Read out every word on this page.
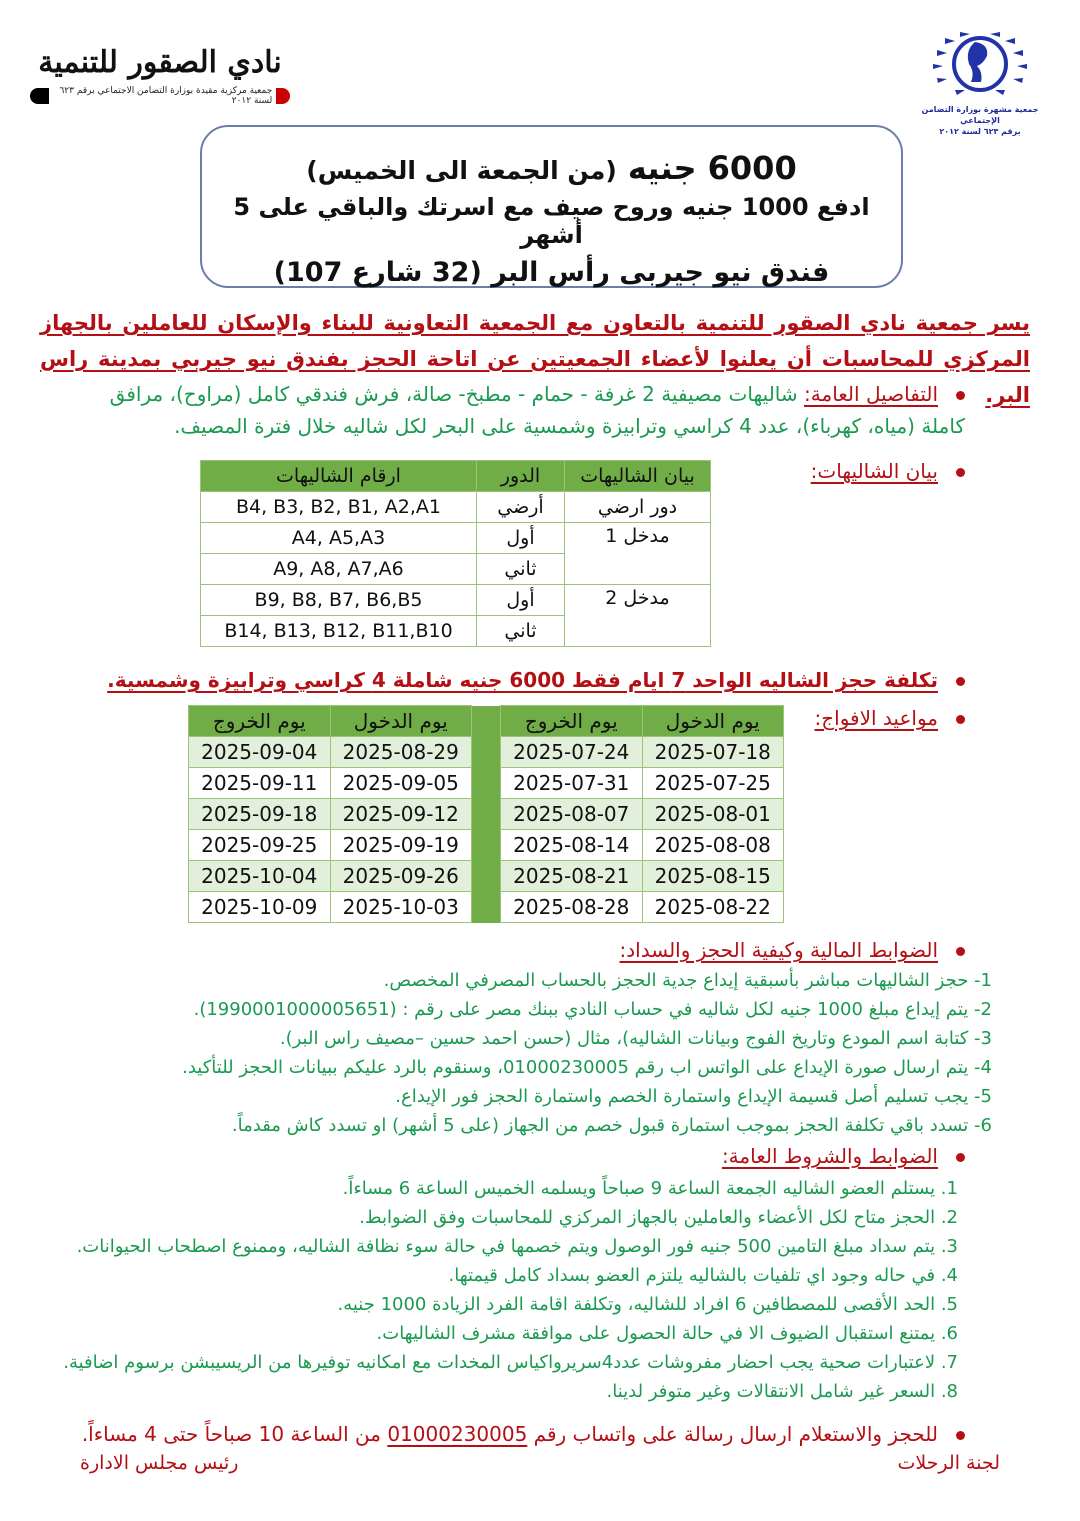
نادي الصقور للتنمية
جمعية مركزية مقيدة بوزارة التضامن الاجتماعي برقم ٦٢٣ لسنة ٢٠١٢
جمعية مشهرة بوزارة التضامن الإجتماعي
برقم ٦٢٣ لسنة ٢٠١٢
6000 جنيه (من الجمعة الى الخميس)
ادفع 1000 جنيه وروح صيف مع اسرتك والباقي على 5 أشهر
فندق نيو جيربى رأس البر (32 شارع 107)
يسر جمعية نادي الصقور للتنمية بالتعاون مع الجمعية التعاونية للبناء والإسكان للعاملين بالجهاز المركزي للمحاسبات أن يعلنوا لأعضاء الجمعيتين عن اتاحة الحجز بفندق نيو جيربي بمدينة راس البر.
التفاصيل العامة: شاليهات مصيفية 2 غرفة - حمام - مطبخ- صالة، فرش فندقي كامل (مراوح)، مرافق كاملة (مياه، كهرباء)، عدد 4 كراسي وترابيزة وشمسية على البحر لكل شاليه خلال فترة المصيف.
بيان الشاليهات:
بيان الشاليهات	الدور	ارقام الشاليهات
دور ارضي	أرضي	B4, B3, B2, B1, A2,A1
مدخل 1	أول	A4, A5,A3
	ثاني	A9, A8, A7,A6
مدخل 2	أول	B9, B8, B7, B6,B5
	ثاني	B14, B13, B12, B11,B10
تكلفة حجز الشاليه الواحد 7 ايام فقط 6000 جنيه شاملة 4 كراسي وترابيزة وشمسية.
مواعيد الافواج:
يوم الدخول	يوم الخروج		يوم الدخول	يوم الخروج
2025-07-18	2025-07-24		2025-08-29	2025-09-04
2025-07-25	2025-07-31		2025-09-05	2025-09-11
2025-08-01	2025-08-07		2025-09-12	2025-09-18
2025-08-08	2025-08-14		2025-09-19	2025-09-25
2025-08-15	2025-08-21		2025-09-26	2025-10-04
2025-08-22	2025-08-28		2025-10-03	2025-10-09
الضوابط المالية وكيفية الحجز والسداد:
1- حجز الشاليهات مباشر بأسبقية إيداع جدية الحجز بالحساب المصرفي المخصص.
2- يتم إيداع مبلغ 1000 جنيه لكل شاليه في حساب النادي ببنك مصر على رقم : (1990001000005651).
3- كتابة اسم المودع وتاريخ الفوج وبيانات الشاليه)، مثال (حسن احمد حسين –مصيف راس البر).
4- يتم ارسال صورة الإيداع على الواتس اب رقم 01000230005، وسنقوم بالرد عليكم ببيانات الحجز للتأكيد.
5- يجب تسليم أصل قسيمة الإيداع واستمارة الخصم واستمارة الحجز فور الإيداع.
6- تسدد باقي تكلفة الحجز بموجب استمارة قبول خصم من الجهاز (على 5 أشهر) او تسدد كاش مقدماً.
الضوابط والشروط العامة:
1. يستلم العضو الشاليه الجمعة الساعة 9 صباحاً ويسلمه الخميس الساعة 6 مساءاً.
2. الحجز متاح لكل الأعضاء والعاملين بالجهاز المركزي للمحاسبات وفق الضوابط.
3. يتم سداد مبلغ التامين 500 جنيه فور الوصول ويتم خصمها في حالة سوء نظافة الشاليه، وممنوع اصطحاب الحيوانات.
4. في حاله وجود اي تلفيات بالشاليه يلتزم العضو بسداد كامل قيمتها.
5. الحد الأقصى للمصطافين 6 افراد للشاليه، وتكلفة اقامة الفرد الزيادة 1000 جنيه.
6. يمتنع استقبال الضيوف الا في حالة الحصول على موافقة مشرف الشاليهات.
7. لاعتبارات صحية يجب احضار مفروشات عدد4سريرواكياس المخدات مع امكانيه توفيرها من الريسيبشن برسوم اضافية.
8. السعر غير شامل الانتقالات وغير متوفر لدينا.
للحجز والاستعلام ارسال رسالة على واتساب رقم 01000230005 من الساعة 10 صباحاً حتى 4 مساءاً.
لجنة الرحلات
رئيس مجلس الادارة
